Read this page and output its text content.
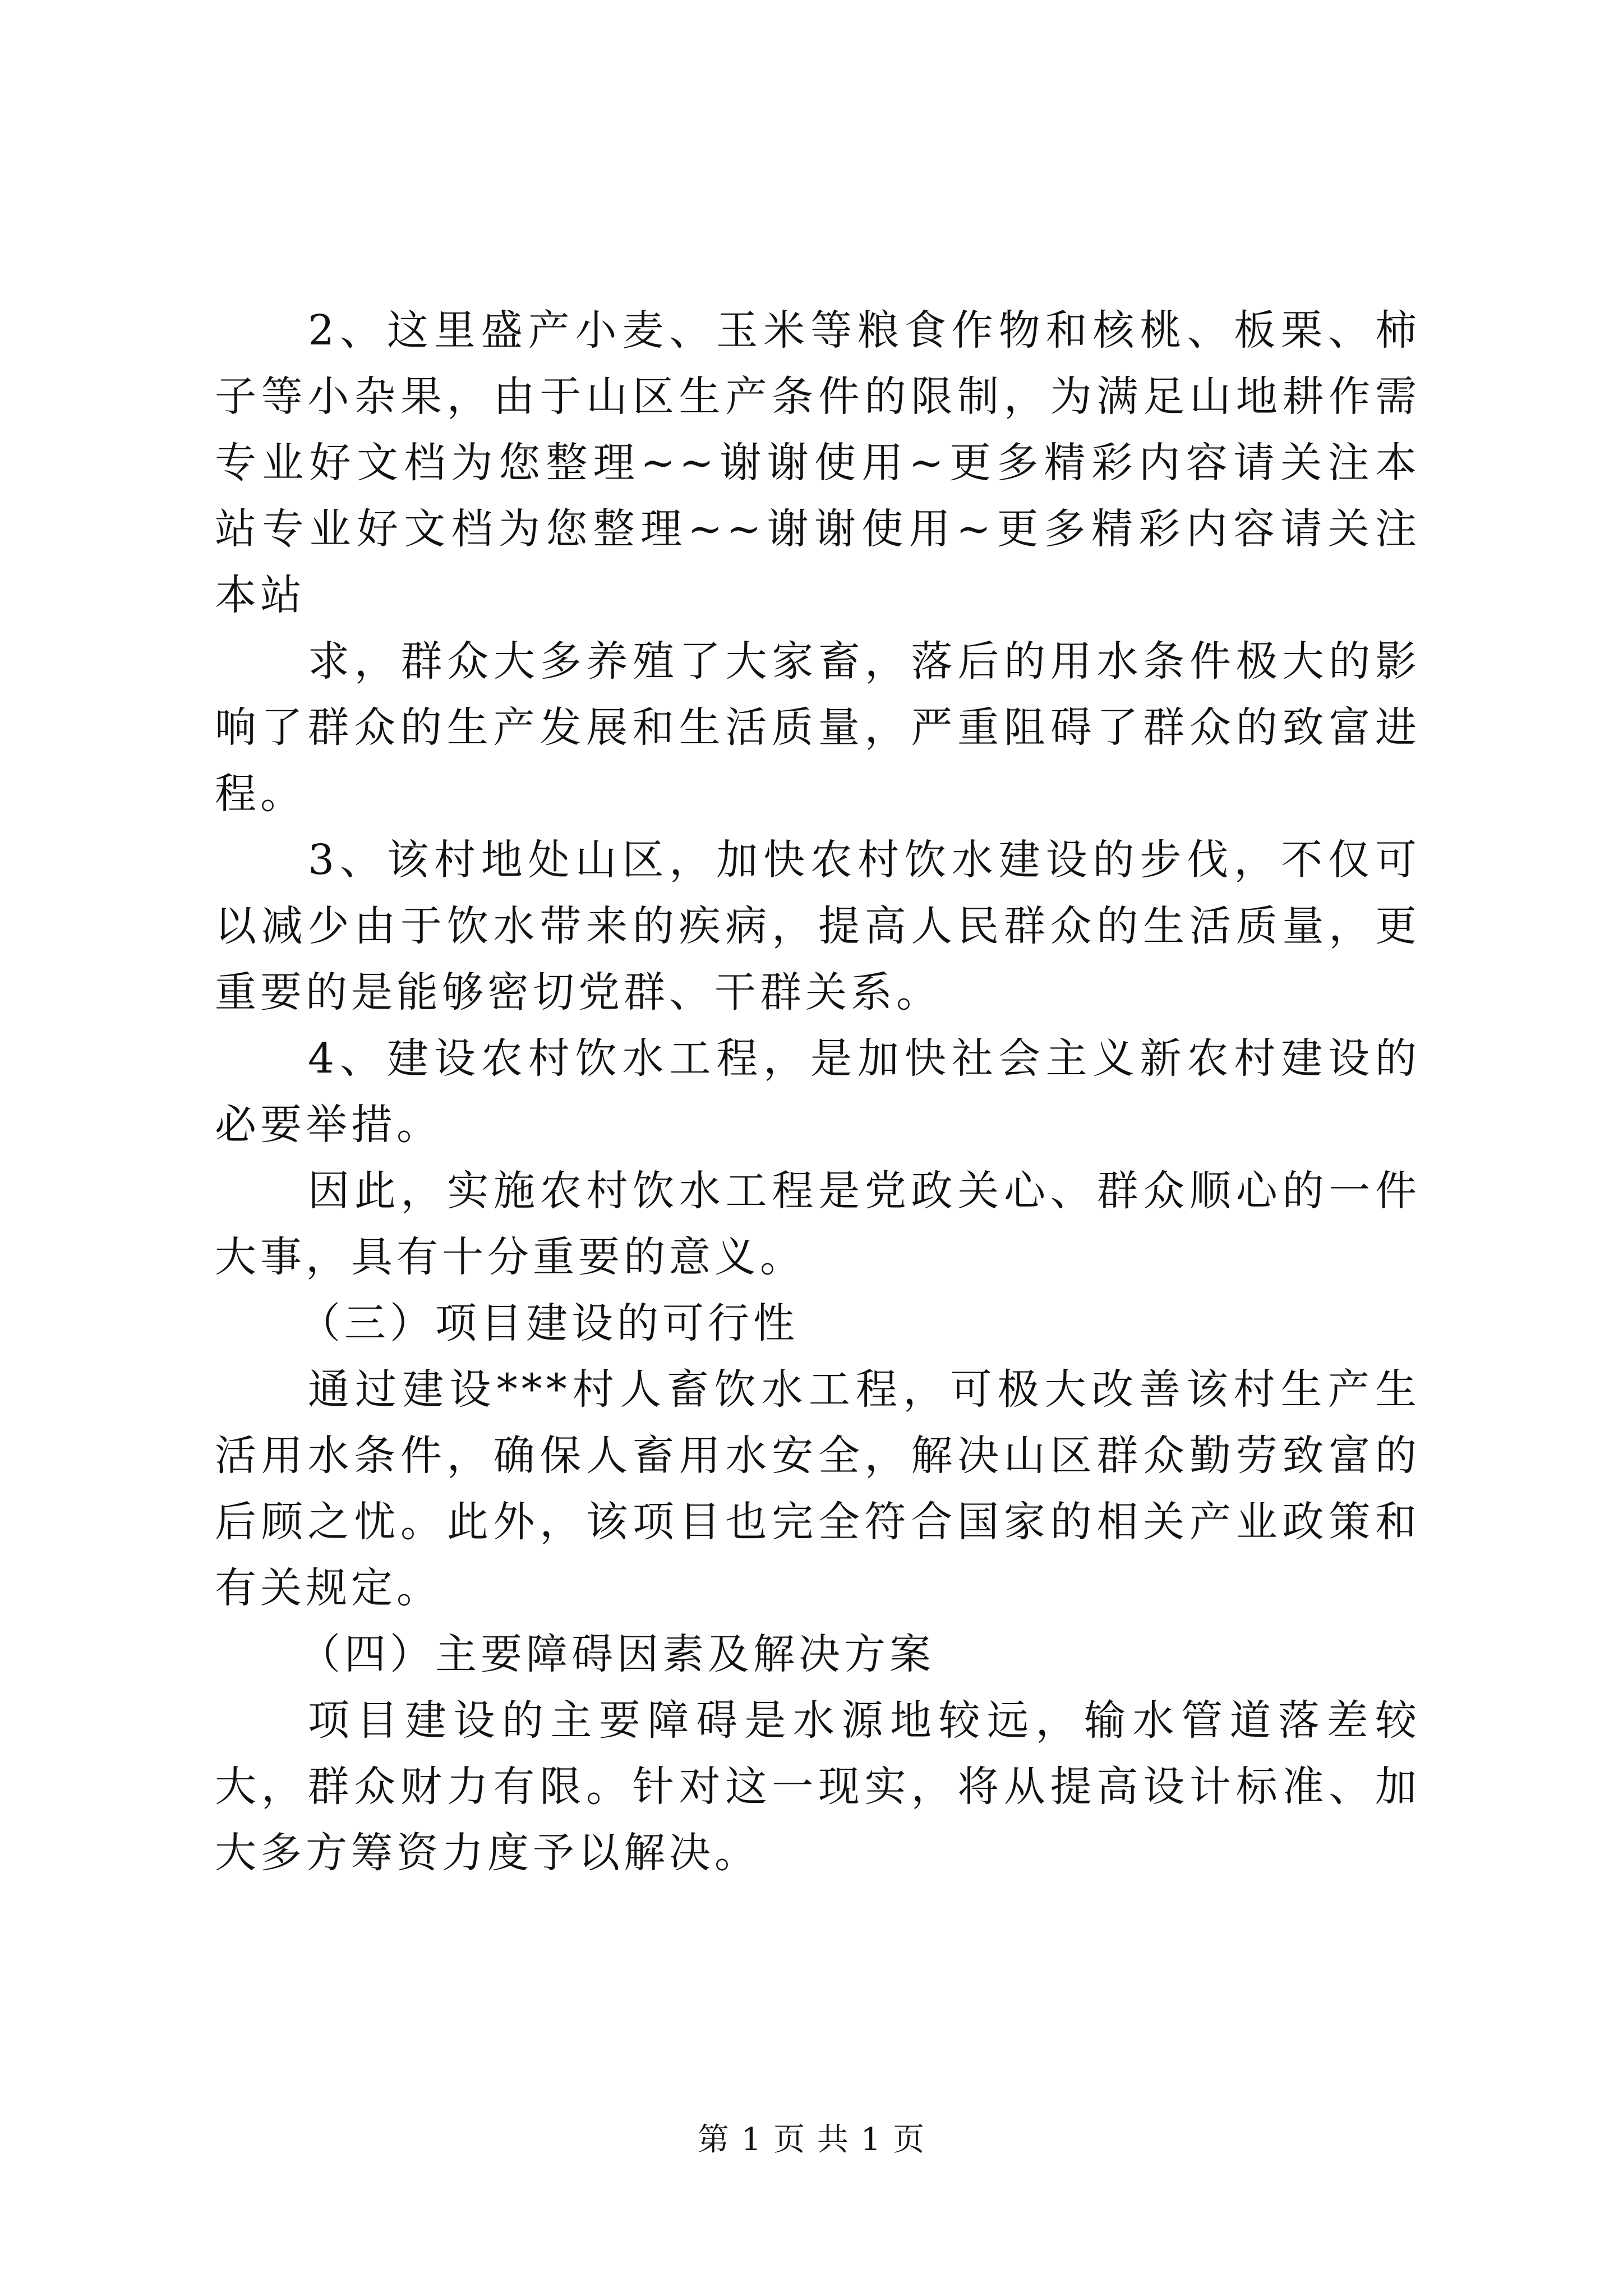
2、这里盛产小麦、玉米等粮食作物和核桃、板栗、柿子等小杂果，由于山区生产条件的限制，为满足山地耕作需专业好文档为您整理~~谢谢使用~更多精彩内容请关注本站专业好文档为您整理~~谢谢使用~更多精彩内容请关注本站

求，群众大多养殖了大家畜，落后的用水条件极大的影响了群众的生产发展和生活质量，严重阻碍了群众的致富进程。

3、该村地处山区，加快农村饮水建设的步伐，不仅可以减少由于饮水带来的疾病，提高人民群众的生活质量，更重要的是能够密切党群、干群关系。

4、建设农村饮水工程，是加快社会主义新农村建设的必要举措。

因此，实施农村饮水工程是党政关心、群众顺心的一件大事，具有十分重要的意义。

（三）项目建设的可行性

通过建设***村人畜饮水工程，可极大改善该村生产生活用水条件，确保人畜用水安全，解决山区群众勤劳致富的后顾之忧。此外，该项目也完全符合国家的相关产业政策和有关规定。

（四）主要障碍因素及解决方案

项目建设的主要障碍是水源地较远，输水管道落差较大，群众财力有限。针对这一现实，将从提高设计标准、加大多方筹资力度予以解决。

第 1 页 共 1 页
